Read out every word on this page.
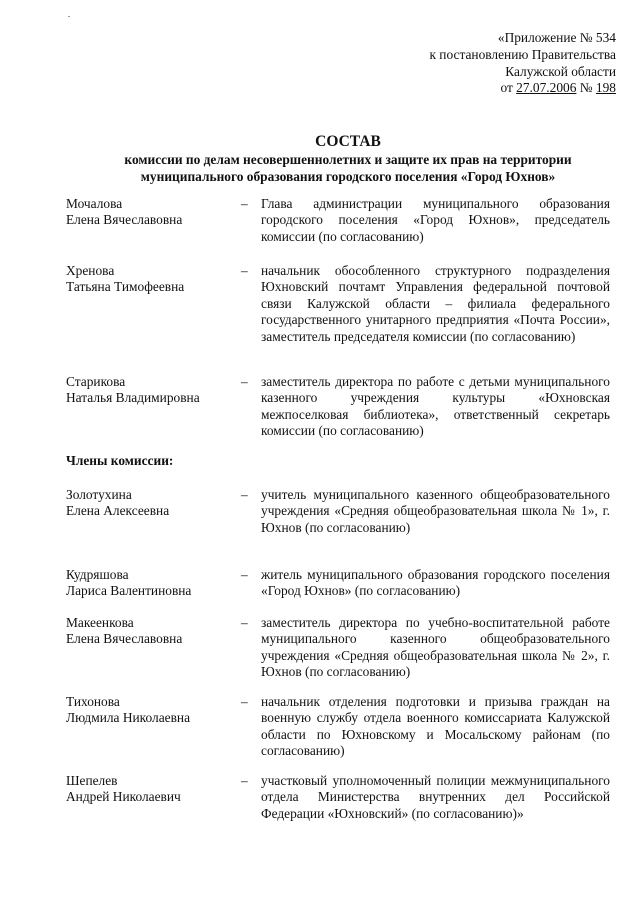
«Приложение № 534
к постановлению Правительства
Калужской области
от 27.07.2006 № 198
СОСТАВ
комиссии по делам несовершеннолетних и защите их прав на территории
муниципального образования городского поселения «Город Юхнов»
Мочалова
Елена Вячеславовна
– Глава администрации муниципального образования городского поселения «Город Юхнов», председатель комиссии (по согласованию)
Хренова
Татьяна Тимофеевна
– начальник обособленного структурного подразделения Юхновский почтамт Управления федеральной почтовой связи Калужской области – филиала федерального государственного унитарного предприятия «Почта России», заместитель председателя комиссии (по согласованию)
Старикова
Наталья Владимировна
– заместитель директора по работе с детьми муниципального казенного учреждения культуры «Юхновская межпоселковая библиотека», ответственный секретарь комиссии (по согласованию)
Члены комиссии:
Золотухина
Елена Алексеевна
– учитель муниципального казенного общеобразовательного учреждения «Средняя общеобразовательная школа № 1», г. Юхнов (по согласованию)
Кудряшова
Лариса Валентиновна
– житель муниципального образования городского поселения «Город Юхнов» (по согласованию)
Макеенкова
Елена Вячеславовна
– заместитель директора по учебно-воспитательной работе муниципального казенного общеобразовательного учреждения «Средняя общеобразовательная школа № 2», г. Юхнов (по согласованию)
Тихонова
Людмила Николаевна
– начальник отделения подготовки и призыва граждан на военную службу отдела военного комиссариата Калужской области по Юхновскому и Мосальскому районам (по согласованию)
Шепелев
Андрей Николаевич
– участковый уполномоченный полиции межмуниципального отдела Министерства внутренних дел Российской Федерации «Юхновский» (по согласованию)»
